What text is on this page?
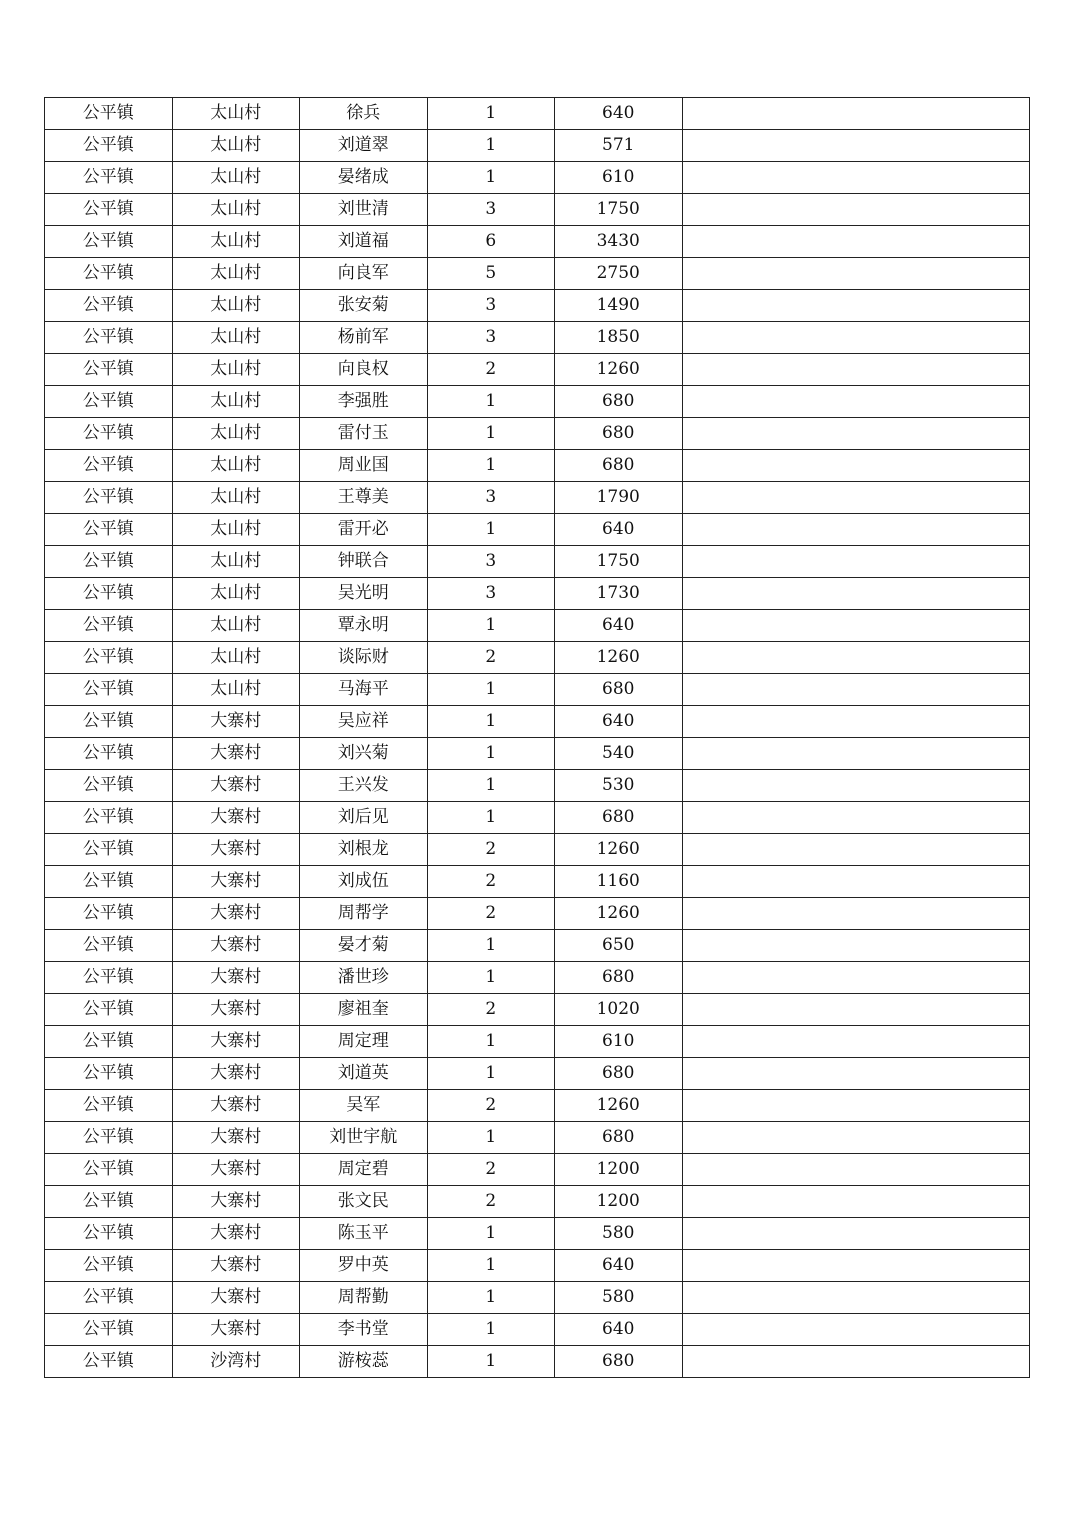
公平镇	太山村	徐兵	1	640	
公平镇	太山村	刘道翠	1	571	
公平镇	太山村	晏绪成	1	610	
公平镇	太山村	刘世清	3	1750	
公平镇	太山村	刘道福	6	3430	
公平镇	太山村	向良军	5	2750	
公平镇	太山村	张安菊	3	1490	
公平镇	太山村	杨前军	3	1850	
公平镇	太山村	向良权	2	1260	
公平镇	太山村	李强胜	1	680	
公平镇	太山村	雷付玉	1	680	
公平镇	太山村	周业国	1	680	
公平镇	太山村	王尊美	3	1790	
公平镇	太山村	雷开必	1	640	
公平镇	太山村	钟联合	3	1750	
公平镇	太山村	吴光明	3	1730	
公平镇	太山村	覃永明	1	640	
公平镇	太山村	谈际财	2	1260	
公平镇	太山村	马海平	1	680	
公平镇	大寨村	吴应祥	1	640	
公平镇	大寨村	刘兴菊	1	540	
公平镇	大寨村	王兴发	1	530	
公平镇	大寨村	刘后见	1	680	
公平镇	大寨村	刘根龙	2	1260	
公平镇	大寨村	刘成伍	2	1160	
公平镇	大寨村	周帮学	2	1260	
公平镇	大寨村	晏才菊	1	650	
公平镇	大寨村	潘世珍	1	680	
公平镇	大寨村	廖祖奎	2	1020	
公平镇	大寨村	周定理	1	610	
公平镇	大寨村	刘道英	1	680	
公平镇	大寨村	吴军	2	1260	
公平镇	大寨村	刘世宇航	1	680	
公平镇	大寨村	周定碧	2	1200	
公平镇	大寨村	张文民	2	1200	
公平镇	大寨村	陈玉平	1	580	
公平镇	大寨村	罗中英	1	640	
公平镇	大寨村	周帮勤	1	580	
公平镇	大寨村	李书堂	1	640	
公平镇	沙湾村	游桉蕊	1	680	
